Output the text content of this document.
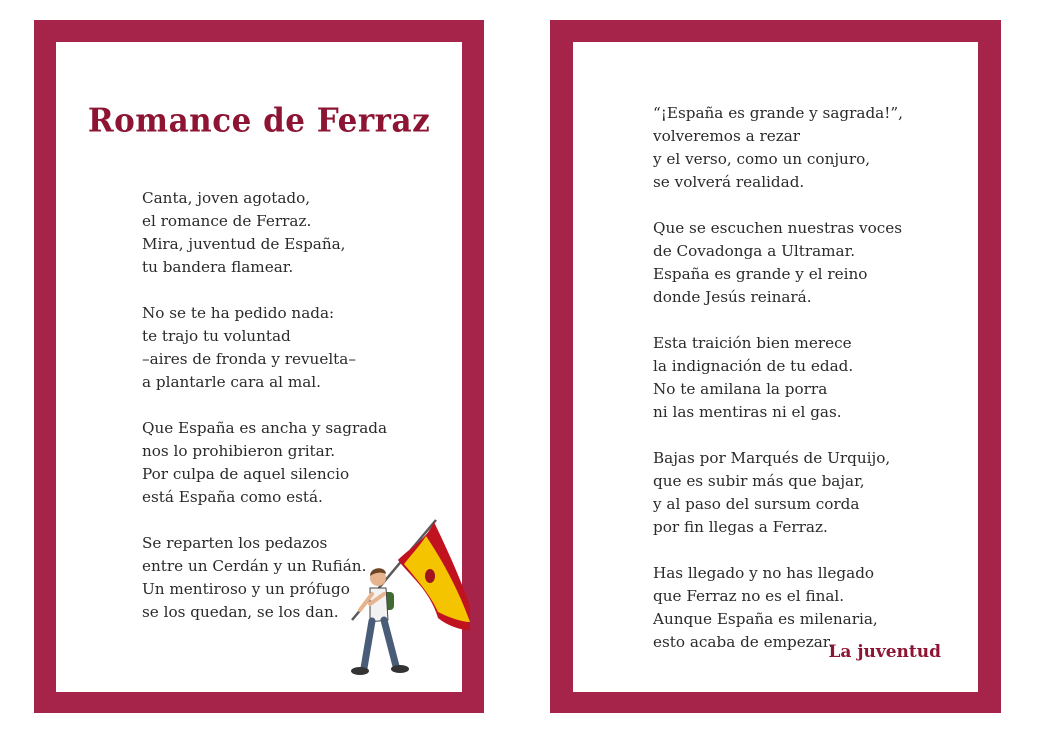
Romance de Ferraz
Canta, joven agotado,
el romance de Ferraz.
Mira, juventud de España,
tu bandera flamear.
No se te ha pedido nada:
te trajo tu voluntad
–aires de fronda y revuelta–
a plantarle cara al mal.
Que España es ancha y sagrada
nos lo prohibieron gritar.
Por culpa de aquel silencio
está España como está.
Se reparten los pedazos
entre un Cerdán y un Rufián.
Un mentiroso y un prófugo
se los quedan, se los dan.
“¡España es grande y sagrada!”,
volveremos a rezar
y el verso, como un conjuro,
se volverá realidad.
Que se escuchen nuestras voces
de Covadonga a Ultramar.
España es grande y el reino
donde Jesús reinará.
Esta traición bien merece
la indignación de tu edad.
No te amilana la porra
ni las mentiras ni el gas.
Bajas por Marqués de Urquijo,
que es subir más que bajar,
y al paso del sursum corda
por fin llegas a Ferraz.
Has llegado y no has llegado
que Ferraz no es el final.
Aunque España es milenaria,
esto acaba de empezar.
La juventud
